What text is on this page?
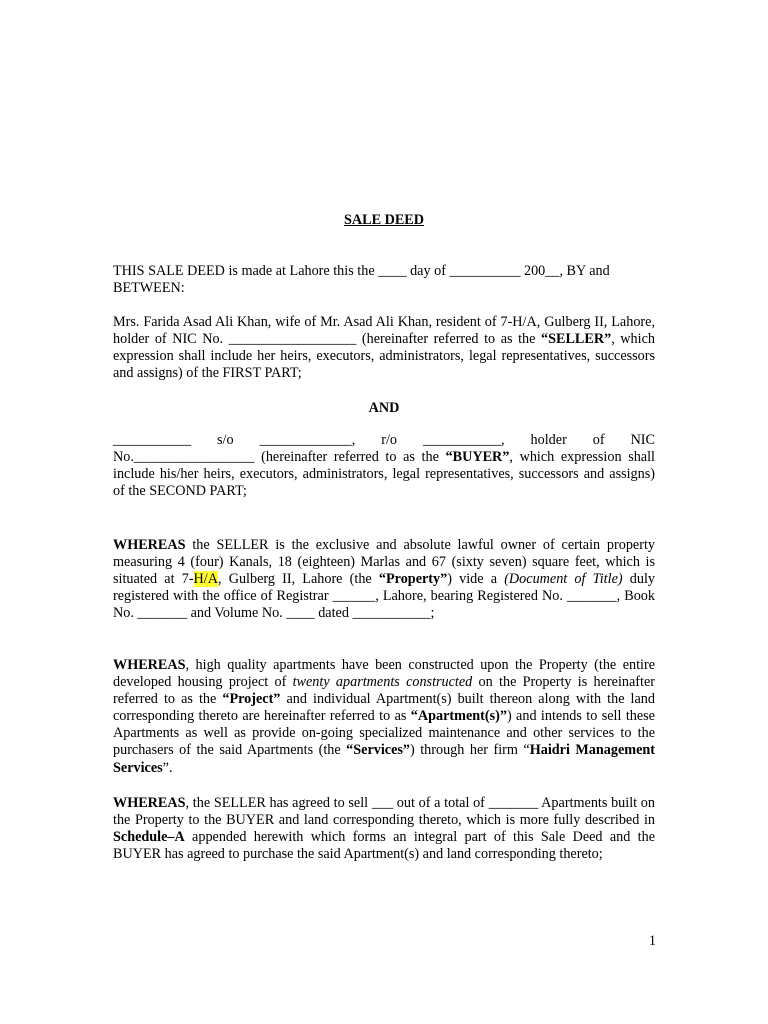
SALE DEED
THIS SALE DEED is made at Lahore this the ____ day of __________ 200__, BY and
BETWEEN:

Mrs. Farida Asad Ali Khan, wife of Mr. Asad Ali Khan, resident of 7-H/A, Gulberg II, Lahore, holder of NIC No. __________________ (hereinafter referred to as the “SELLER”, which expression shall include her heirs, executors, administrators, legal representatives, successors and assigns) of the FIRST PART;

AND
___________ s/o _____________, r/o ___________, holder of NIC
No._________________ (hereinafter referred to as the “BUYER”, which expression shall include his/her heirs, executors, administrators, legal representatives, successors and assigns) of the SECOND PART;

WHEREAS the SELLER is the exclusive and absolute lawful owner of certain property measuring 4 (four) Kanals, 18 (eighteen) Marlas and 67 (sixty seven) square feet, which is situated at 7-H/A, Gulberg II, Lahore (the “Property”) vide a (Document of Title) duly registered with the office of Registrar ______, Lahore, bearing Registered No. _______, Book No. _______ and Volume No. ____ dated ___________;

WHEREAS, high quality apartments have been constructed upon the Property (the entire developed housing project of twenty apartments constructed on the Property is hereinafter referred to as the “Project” and individual Apartment(s) built thereon along with the land corresponding thereto are hereinafter referred to as “Apartment(s)”) and intends to sell these Apartments as well as provide on-going specialized maintenance and other services to the purchasers of the said Apartments (the “Services”) through her firm “Haidri Management Services”.

WHEREAS, the SELLER has agreed to sell ___ out of a total of _______ Apartments built on the Property to the BUYER and land corresponding thereto, which is more fully described in Schedule–A appended herewith which forms an integral part of this Sale Deed and the BUYER has agreed to purchase the said Apartment(s) and land corresponding thereto;

1
